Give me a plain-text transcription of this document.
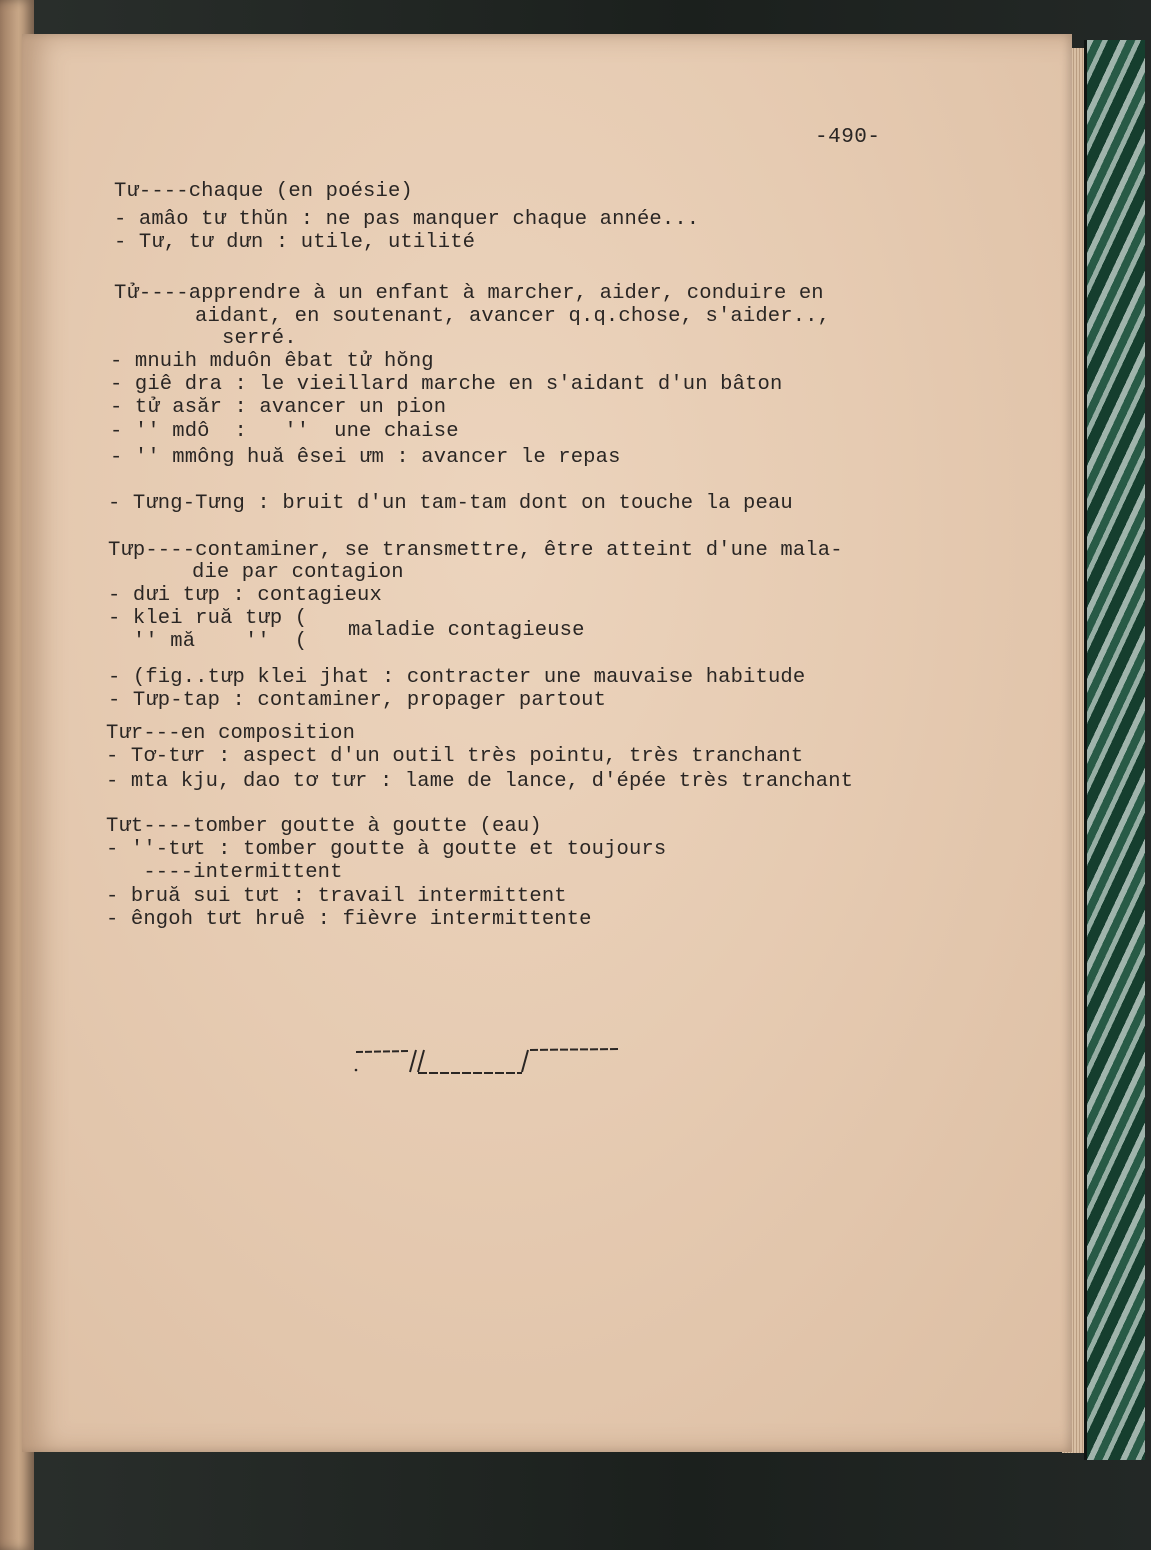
-490-

Tư----chaque (en poésie)

- amâo tư thŭn : ne pas manquer chaque année...

- Tư, tư dưn : utile, utilité

Tử----apprendre à un enfant à marcher, aider, conduire en

aidant, en soutenant, avancer q.q.chose, s'aider..,

serré.

- mnuih mduôn êbat tử hŏng

- giê dra : le vieillard marche en s'aidant d'un bâton

- tử asăr : avancer un pion

- '' mdô  :   ''  une chaise

- '' mmông huă êsei ưm : avancer le repas

- Tưng-Tưng : bruit d'un tam-tam dont on touche la peau

Tưp----contaminer, se transmettre, être atteint d'une mala-

die par contagion

- dưi tưp : contagieux

- klei ruă tưp (

'' mă    ''  ( maladie contagieuse

- (fig..tưp klei jhat : contracter une mauvaise habitude

- Tưp-tap : contaminer, propager partout

Tưr---en composition

- Tơ-tưr : aspect d'un outil très pointu, très tranchant

- mta kju, dao tơ tưr : lame de lance, d'épée très tranchant

Tưt----tomber goutte à goutte (eau)

- ''-tưt : tomber goutte à goutte et toujours

----intermittent

- bruă sui tưt : travail intermittent

- êngoh tưt hruê : fièvre intermittente
